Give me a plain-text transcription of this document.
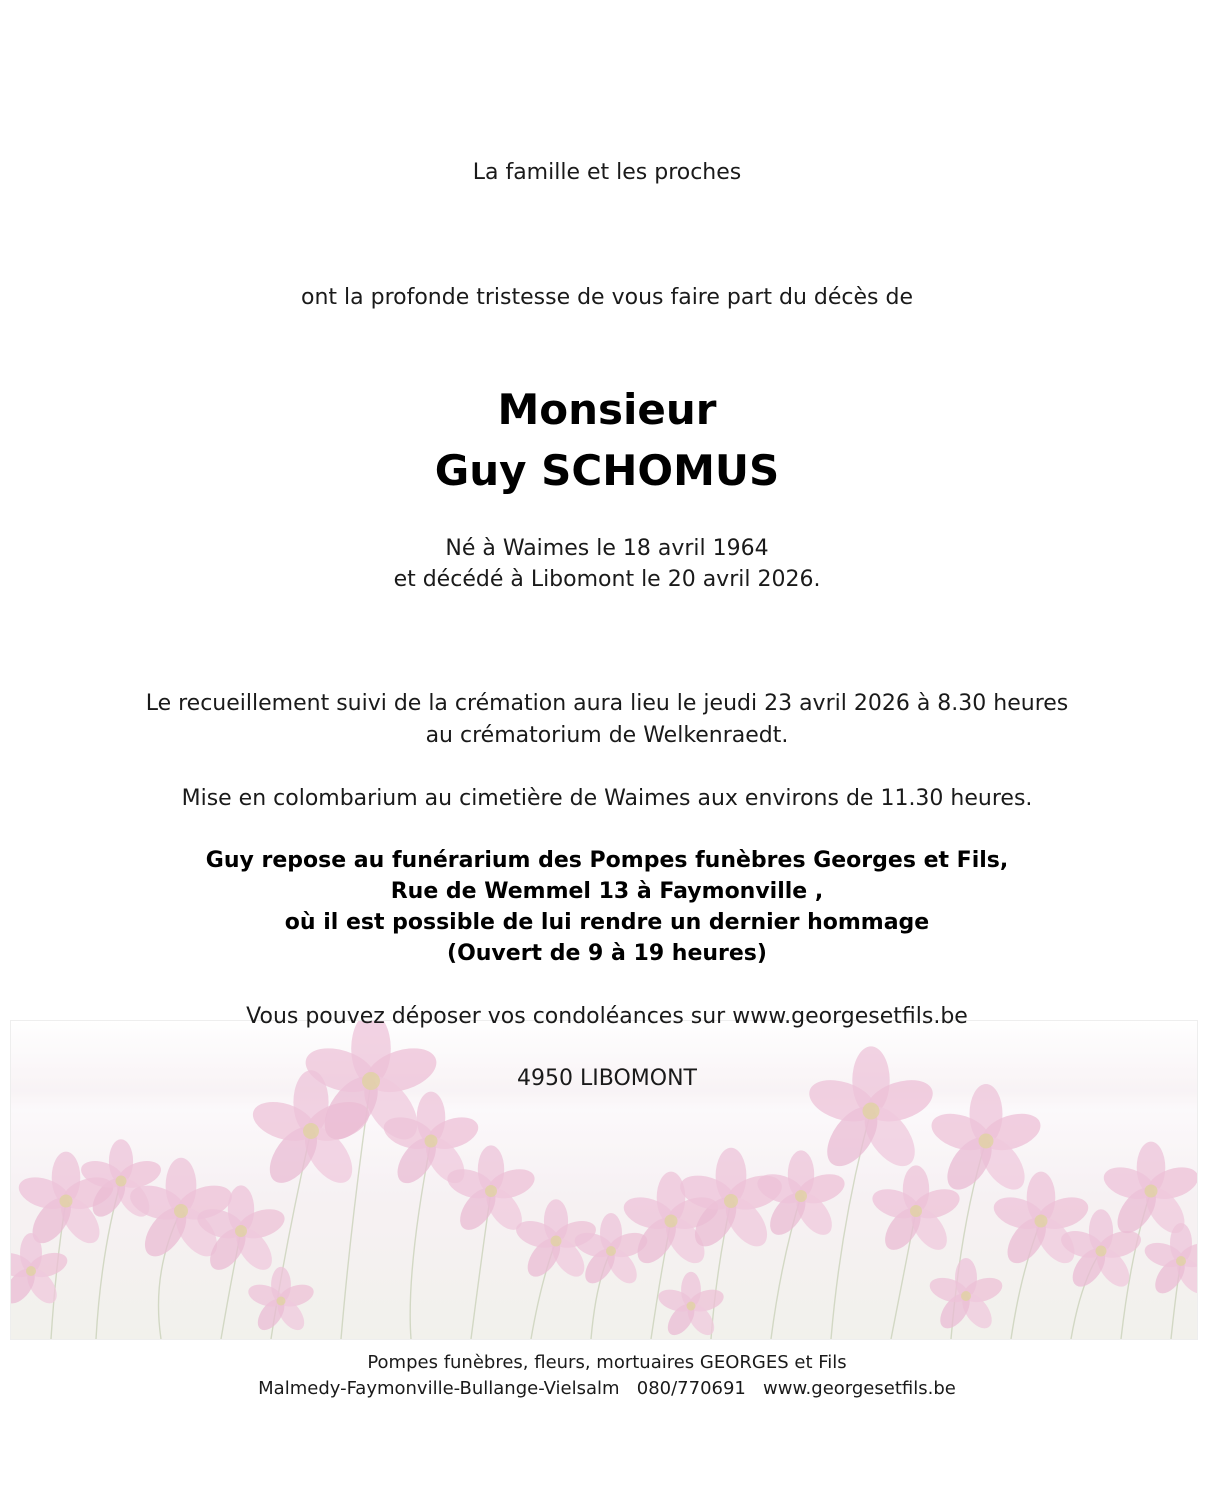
La famille et les proches
ont la profonde tristesse de vous faire part du décès de
Monsieur
Guy SCHOMUS
Né à Waimes le 18 avril 1964
et décédé à Libomont le 20 avril 2026.
Le recueillement suivi de la crémation aura lieu le jeudi 23 avril 2026 à 8.30 heures
au crématorium de Welkenraedt.
Mise en colombarium au cimetière de Waimes aux environs de 11.30 heures.
Guy repose au funérarium des Pompes funèbres Georges et Fils,
Rue de Wemmel 13 à Faymonville ,
où il est possible de lui rendre un dernier hommage
(Ouvert de 9 à 19 heures)
Vous pouvez déposer vos condoléances sur www.georgesetfils.be
4950 LIBOMONT
Pompes funèbres, fleurs, mortuaires GEORGES et Fils
Malmedy-Faymonville-Bullange-Vielsalm   080/770691   www.georgesetfils.be
